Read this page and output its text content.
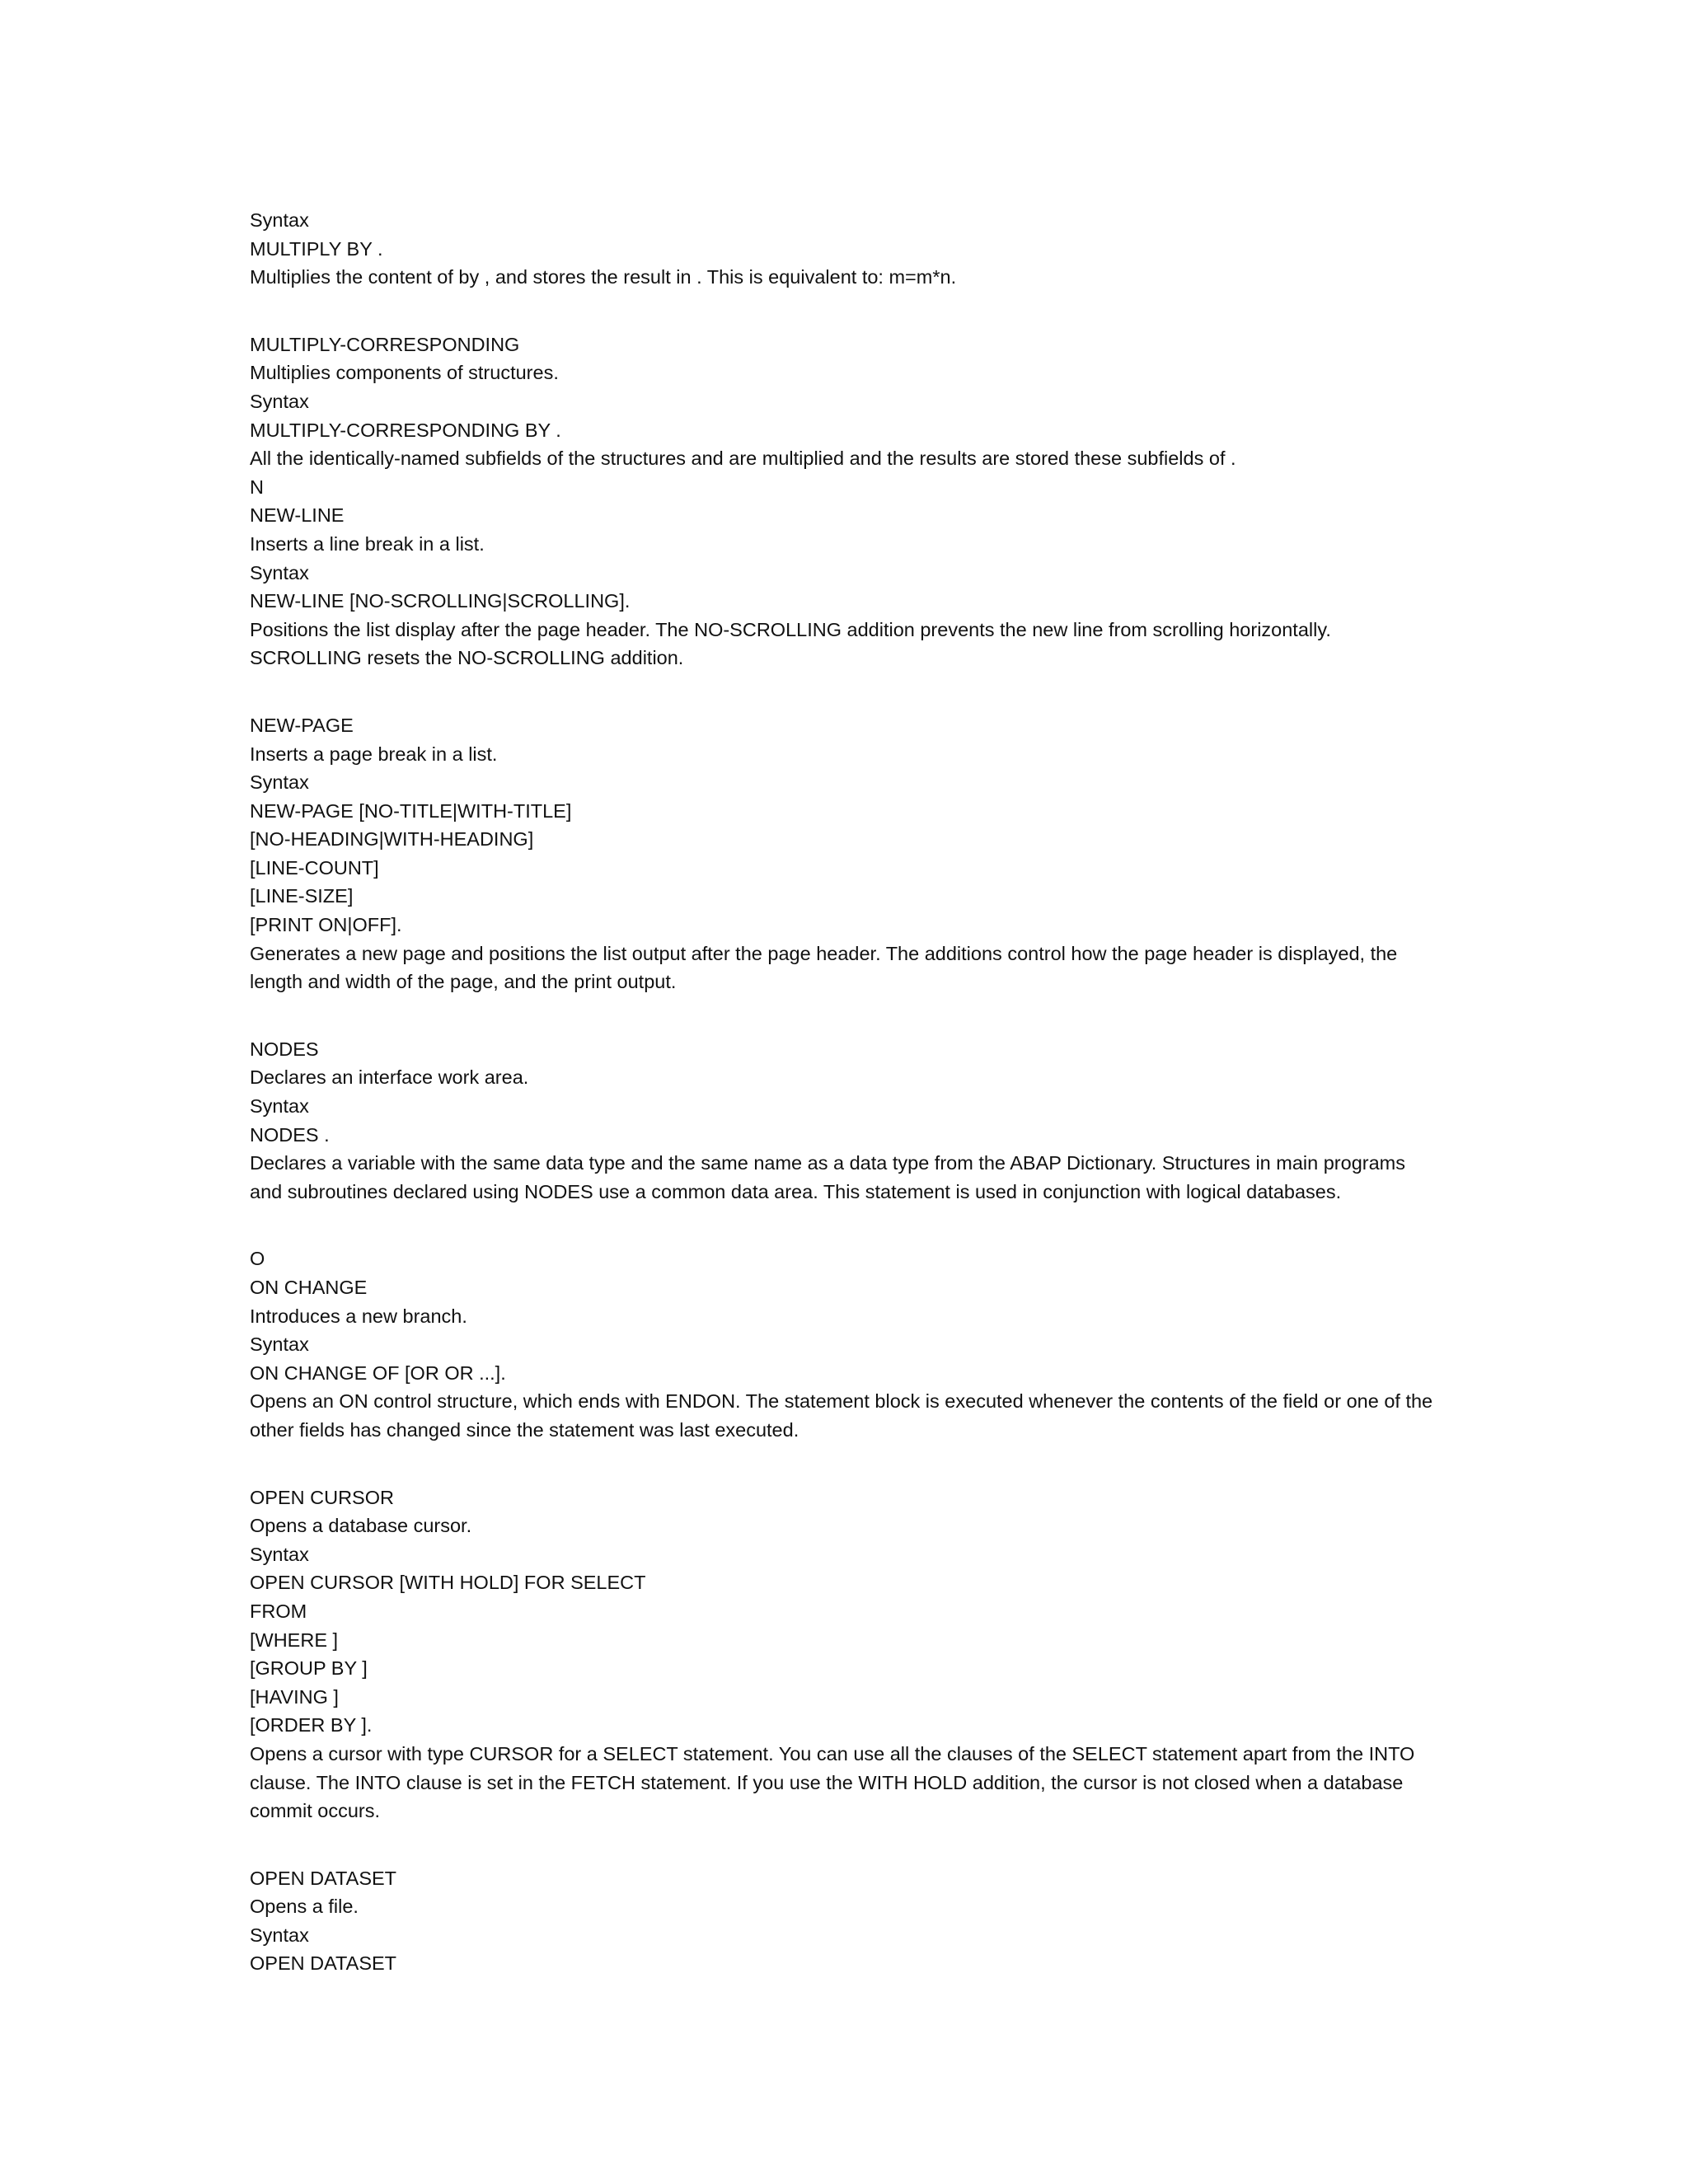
Syntax

MULTIPLY BY .

Multiplies the content of by , and stores the result in . This is equivalent to: m=m*n.

MULTIPLY-CORRESPONDING

Multiplies components of structures.

Syntax

MULTIPLY-CORRESPONDING BY .

All the identically-named subfields of the structures and are multiplied and the results are stored these subfields of .

N

NEW-LINE

Inserts a line break in a list.

Syntax

NEW-LINE [NO-SCROLLING|SCROLLING].

Positions the list display after the page header. The NO-SCROLLING addition prevents the new line from scrolling horizontally.

SCROLLING resets the NO-SCROLLING addition.

NEW-PAGE

Inserts a page break in a list.

Syntax

NEW-PAGE [NO-TITLE|WITH-TITLE]

[NO-HEADING|WITH-HEADING]

[LINE-COUNT]

[LINE-SIZE]

[PRINT ON|OFF].

Generates a new page and positions the list output after the page header. The additions control how the page header is displayed, the

length and width of the page, and the print output.

NODES

Declares an interface work area.

Syntax

NODES .

Declares a variable with the same data type and the same name as a data type from the ABAP Dictionary. Structures in main programs

and subroutines declared using NODES use a common data area. This statement is used in conjunction with logical databases.

O

ON CHANGE

Introduces a new branch.

Syntax

ON CHANGE OF [OR OR ...].

Opens an ON control structure, which ends with ENDON. The statement block is executed whenever the contents of the field or one of the

other fields has changed since the statement was last executed.

OPEN CURSOR

Opens a database cursor.

Syntax

OPEN CURSOR [WITH HOLD] FOR SELECT

FROM

[WHERE ]

[GROUP BY ]

[HAVING ]

[ORDER BY ].

Opens a cursor with type CURSOR for a SELECT statement. You can use all the clauses of the SELECT statement apart from the INTO

clause. The INTO clause is set in the FETCH statement. If you use the WITH HOLD addition, the cursor is not closed when a database

commit occurs.

OPEN DATASET

Opens a file.

Syntax

OPEN DATASET
